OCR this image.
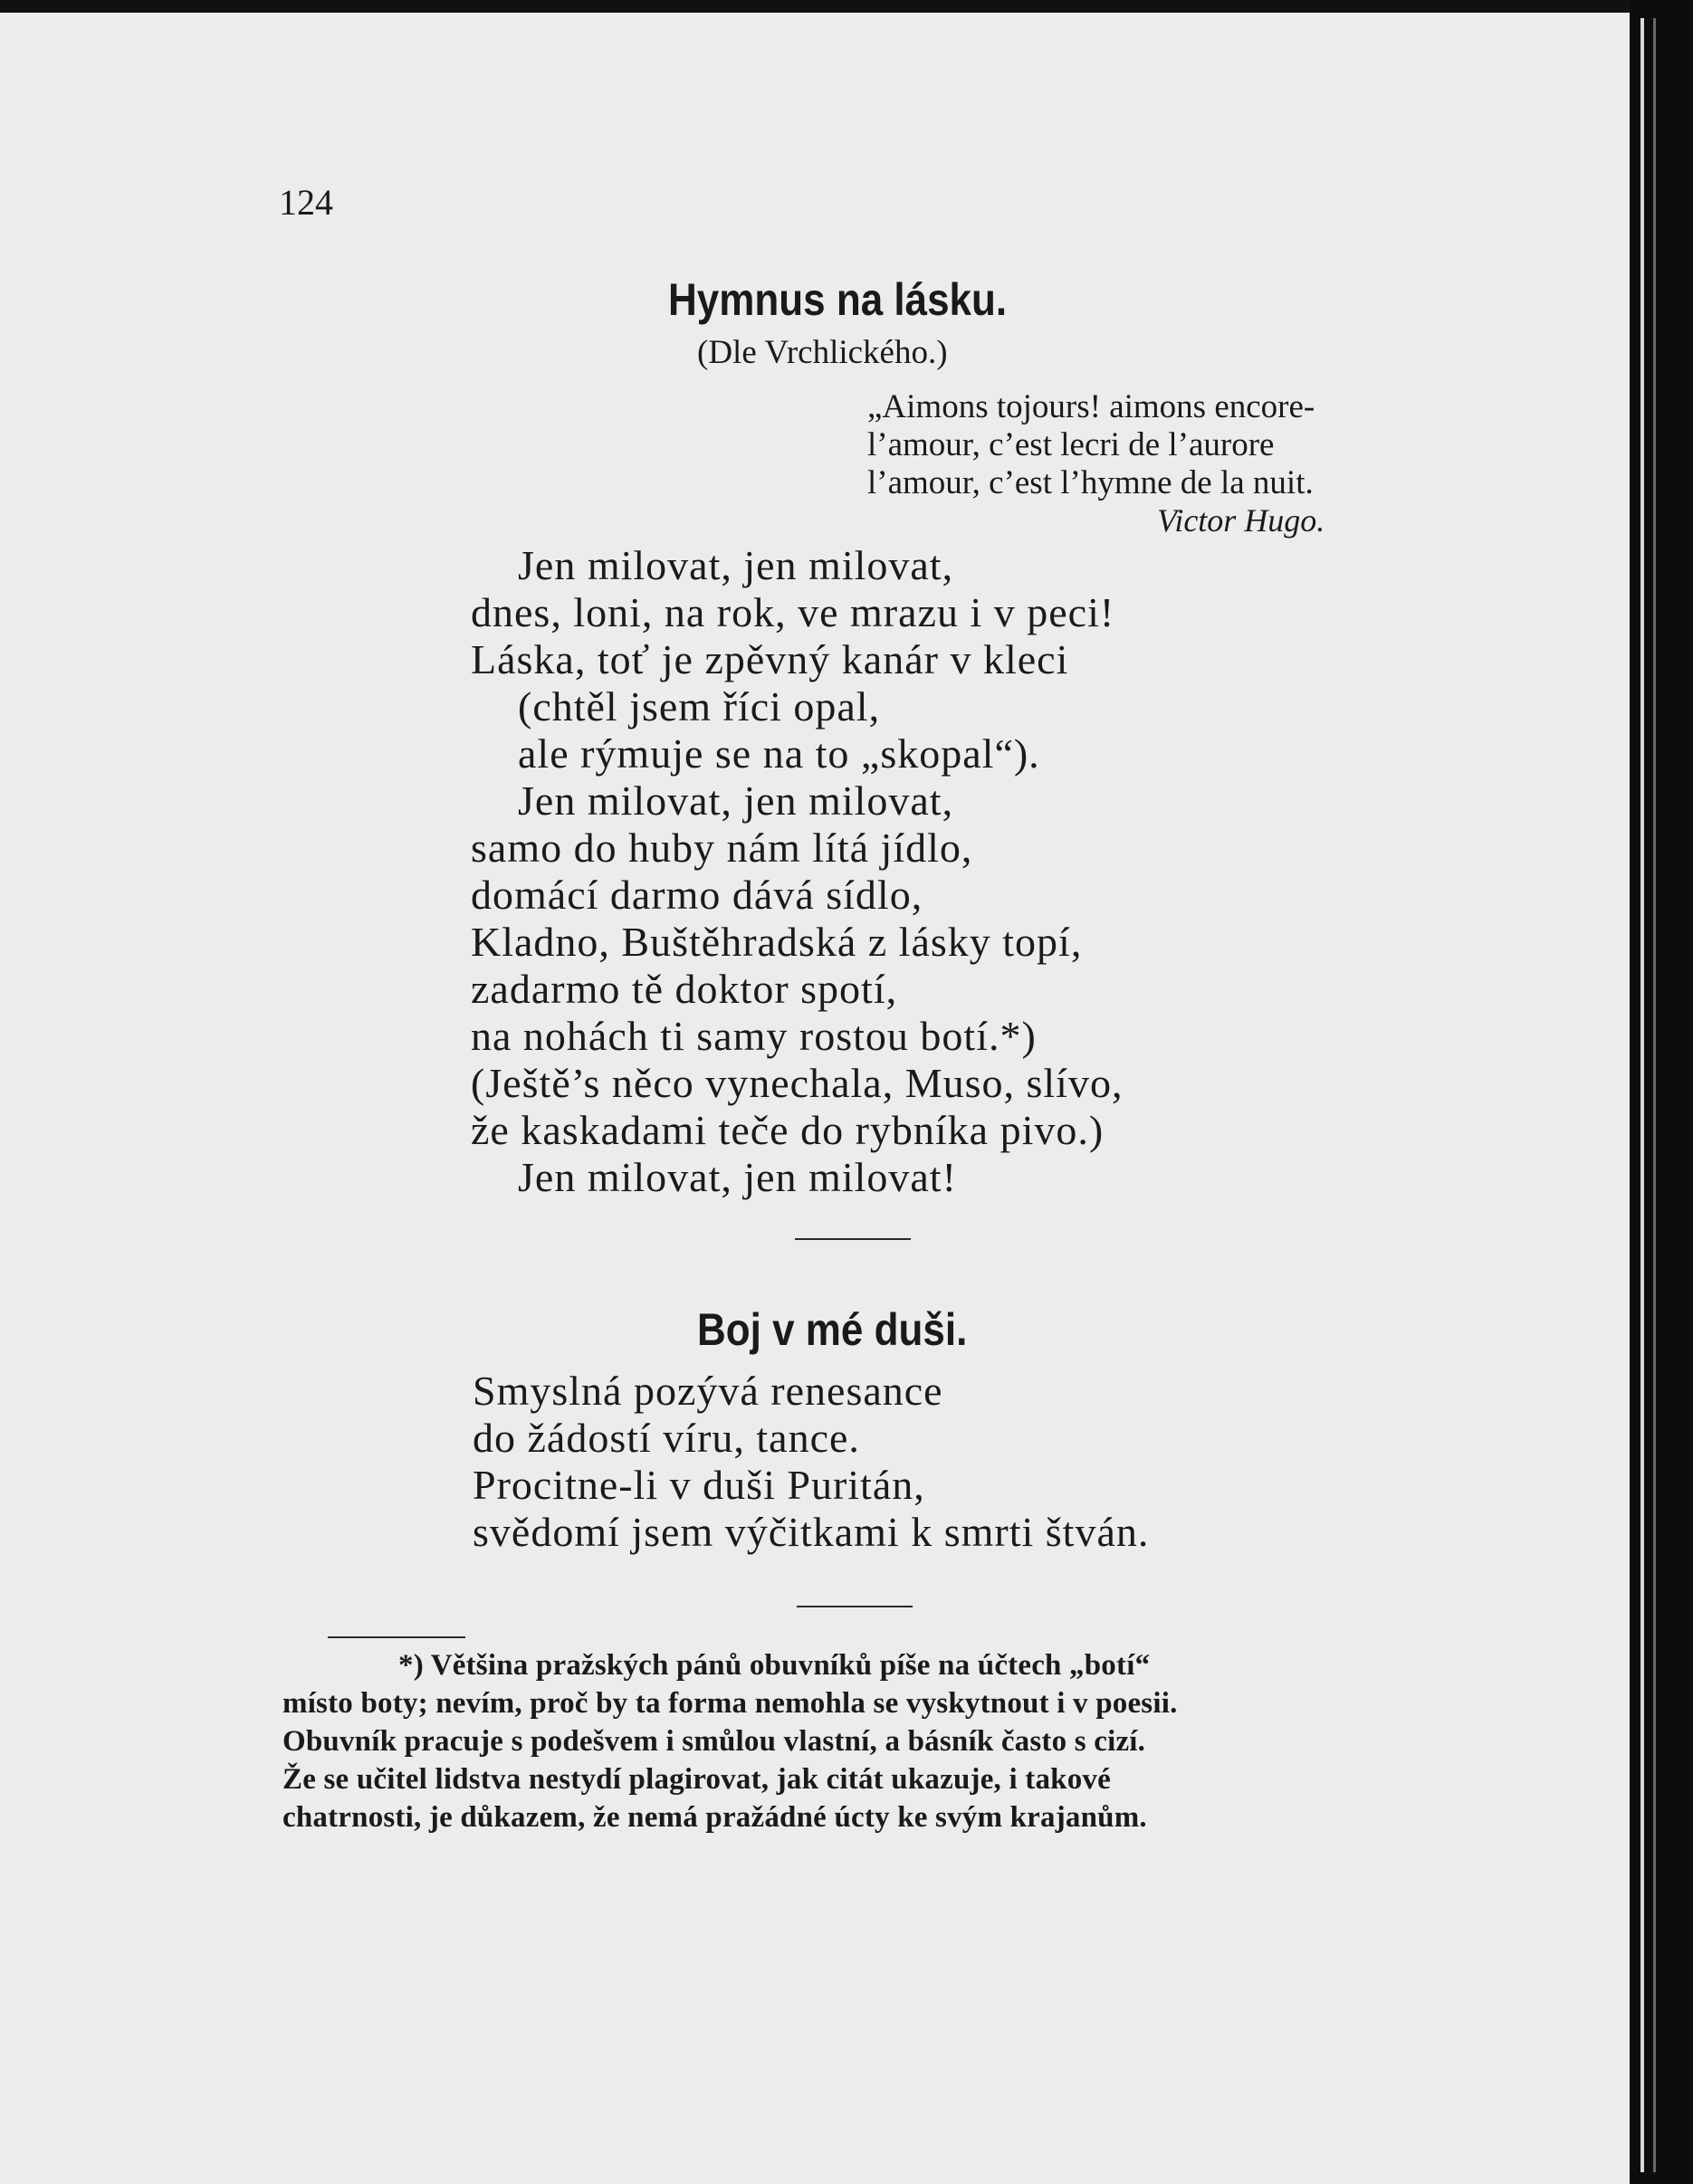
124
Hymnus na lásku.
(Dle Vrchlického.)
„Aimons tojours! aimons encore-
l’amour, c’est lecri de l’aurore
l’amour, c’est l’hymne de la nuit.
Victor Hugo.
Jen milovat, jen milovat,
dnes, loni, na rok, ve mrazu i v peci!
Láska, toť je zpěvný kanár v kleci
(chtěl jsem říci opal,
ale rýmuje se na to „skopal“).
Jen milovat, jen milovat,
samo do huby nám lítá jídlo,
domácí darmo dává sídlo,
Kladno, Buštěhradská z lásky topí,
zadarmo tě doktor spotí,
na nohách ti samy rostou botí.*)
(Ještě’s něco vynechala, Muso, slívo,
že kaskadami teče do rybníka pivo.)
Jen milovat, jen milovat!
Boj v mé duši.
Smyslná pozývá renesance
do žádostí víru, tance.
Procitne-li v duši Puritán,
svědomí jsem výčitkami k smrti štván.
*) Většina pražských pánů obuvníků píše na účtech „botí“
místo boty; nevím, proč by ta forma nemohla se vyskytnout i v poesii.
Obuvník pracuje s podešvem i smůlou vlastní, a básník často s cizí.
Že se učitel lidstva nestydí plagirovat, jak citát ukazuje, i takové
chatrnosti, je důkazem, že nemá pražádné úcty ke svým krajanům.
